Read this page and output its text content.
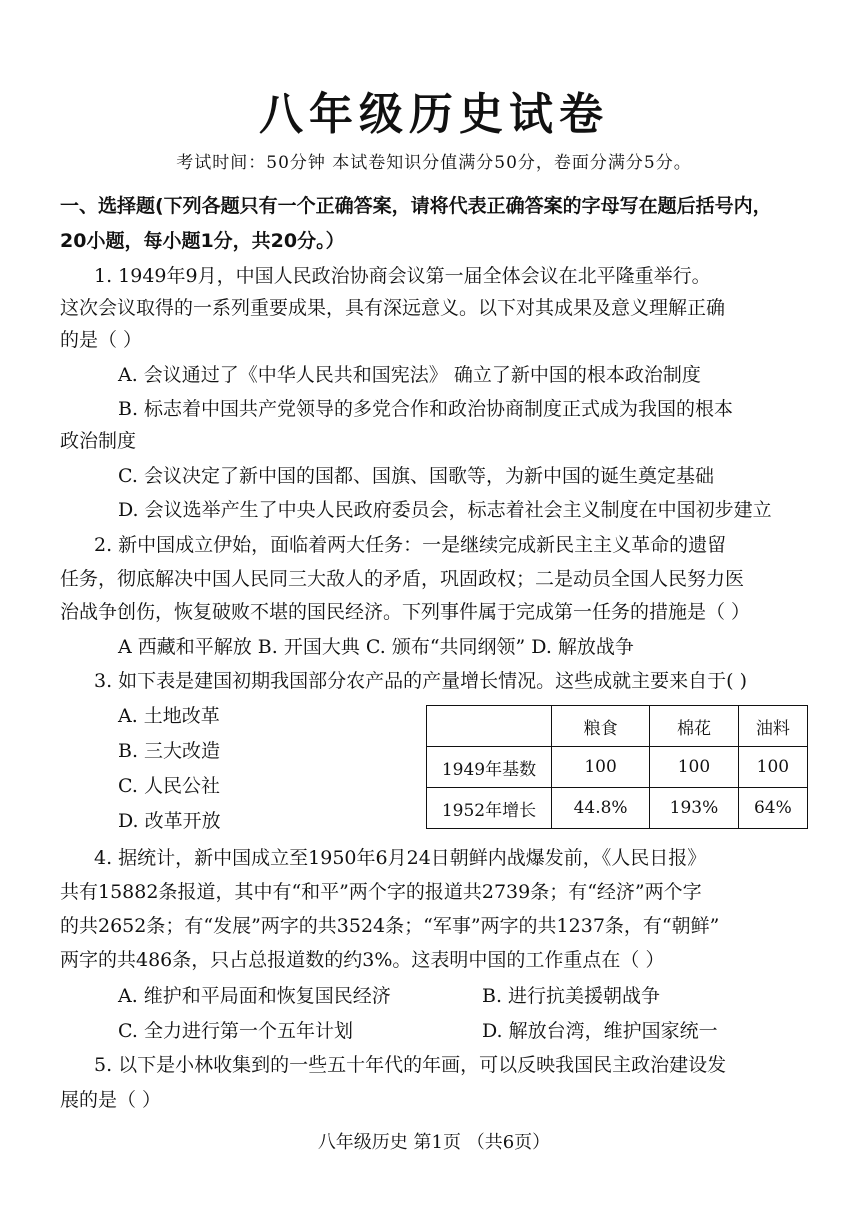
八年级历史试卷
考试时间：50分钟 本试卷知识分值满分50分，卷面分满分5分。
一、选择题(下列各题只有一个正确答案，请将代表正确答案的字母写在题后括号内，
20小题，每小题1分，共20分。）
1. 1949年9月，中国人民政治协商会议第一届全体会议在北平隆重举行。
这次会议取得的一系列重要成果，具有深远意义。以下对其成果及意义理解正确
的是（ ）
A. 会议通过了《中华人民共和国宪法》 确立了新中国的根本政治制度
B. 标志着中国共产党领导的多党合作和政治协商制度正式成为我国的根本
政治制度
C. 会议决定了新中国的国都、国旗、国歌等，为新中国的诞生奠定基础
D. 会议选举产生了中央人民政府委员会，标志着社会主义制度在中国初步建立
2. 新中国成立伊始，面临着两大任务：一是继续完成新民主主义革命的遗留
任务，彻底解决中国人民同三大敌人的矛盾，巩固政权；二是动员全国人民努力医
治战争创伤，恢复破败不堪的国民经济。下列事件属于完成第一任务的措施是（ ）
A 西藏和平解放 B. 开国大典 C. 颁布“共同纲领” D. 解放战争
3. 如下表是建国初期我国部分农产品的产量增长情况。这些成就主要来自于( )
A. 土地改革
B. 三大改造
C. 人民公社
D. 改革开放
	粮食	棉花	油料
1949年基数	100	100	100
1952年增长	44.8%	193%	64%
4. 据统计，新中国成立至1950年6月24日朝鲜内战爆发前，《人民日报》
共有15882条报道，其中有“和平”两个字的报道共2739条；有“经济”两个字
的共2652条；有“发展”两字的共3524条；“军事”两字的共1237条，有“朝鲜”
两字的共486条，只占总报道数的约3%。这表明中国的工作重点在（ ）
A. 维护和平局面和恢复国民经济	B. 进行抗美援朝战争
C. 全力进行第一个五年计划	D. 解放台湾，维护国家统一
5. 以下是小林收集到的一些五十年代的年画，可以反映我国民主政治建设发
展的是（ ）
八年级历史 第1页 （共6页）
